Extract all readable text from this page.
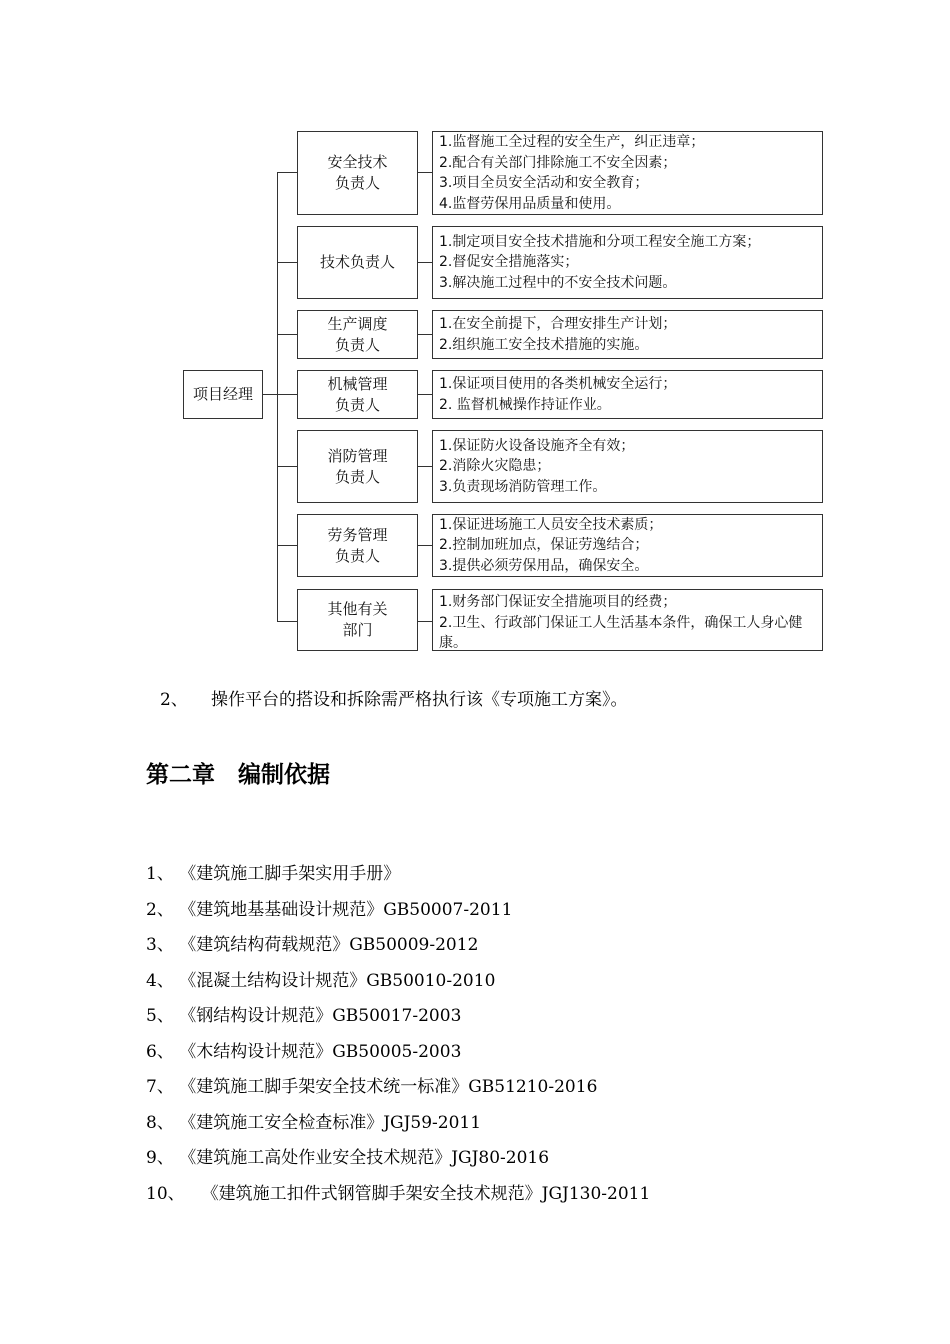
项目经理
安全技术
负责人
1.监督施工全过程的安全生产，纠正违章；
2.配合有关部门排除施工不安全因素；
3.项目全员安全活动和安全教育；
4.监督劳保用品质量和使用。
技术负责人
1.制定项目安全技术措施和分项工程安全施工方案；
2.督促安全措施落实；
3.解决施工过程中的不安全技术问题。
生产调度
负责人
1.在安全前提下，合理安排生产计划；
2.组织施工安全技术措施的实施。
机械管理
负责人
1.保证项目使用的各类机械安全运行；
2. 监督机械操作持证作业。
消防管理
负责人
1.保证防火设备设施齐全有效；
2.消除火灾隐患；
3.负责现场消防管理工作。
劳务管理
负责人
1.保证进场施工人员安全技术素质；
2.控制加班加点，保证劳逸结合；
3.提供必须劳保用品，确保安全。
其他有关
部门
1.财务部门保证安全措施项目的经费；
2.卫生、行政部门保证工人生活基本条件，确保工人身心健康。
2、 操作平台的搭设和拆除需严格执行该《专项施工方案》。
第二章　编制依据
1、 《建筑施工脚手架实用手册》
2、 《建筑地基基础设计规范》GB50007-2011
3、 《建筑结构荷载规范》GB50009-2012
4、 《混凝土结构设计规范》GB50010-2010
5、 《钢结构设计规范》GB50017-2003
6、 《木结构设计规范》GB50005-2003
7、 《建筑施工脚手架安全技术统一标准》GB51210-2016
8、 《建筑施工安全检查标准》JGJ59-2011
9、 《建筑施工高处作业安全技术规范》JGJ80-2016
10、　　《建筑施工扣件式钢管脚手架安全技术规范》JGJ130-2011
